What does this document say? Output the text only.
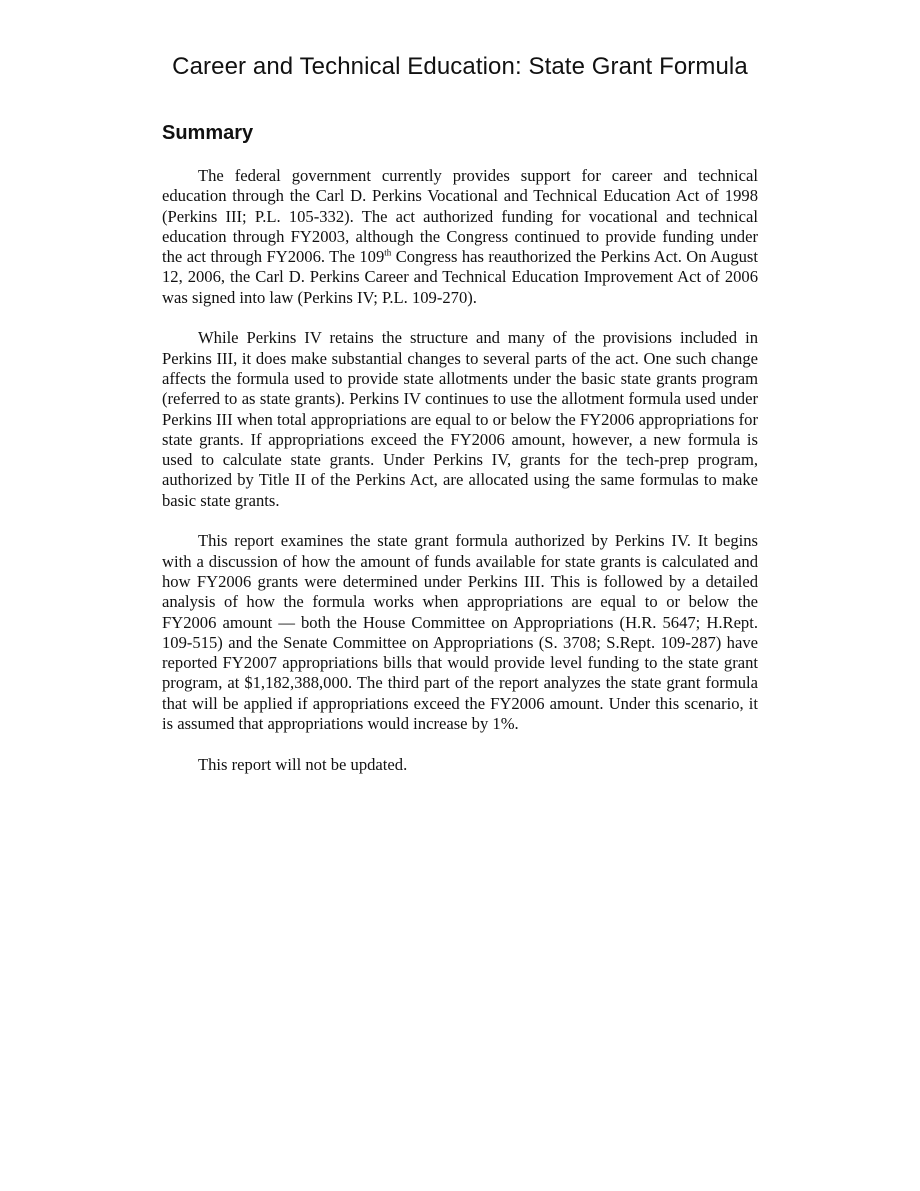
Career and Technical Education: State Grant Formula
Summary

The federal government currently provides support for career and technical education through the Carl D. Perkins Vocational and Technical Education Act of 1998 (Perkins III; P.L. 105-332). The act authorized funding for vocational and technical education through FY2003, although the Congress continued to provide funding under the act through FY2006. The 109th Congress has reauthorized the Perkins Act. On August 12, 2006, the Carl D. Perkins Career and Technical Education Improvement Act of 2006 was signed into law (Perkins IV; P.L. 109-270).

While Perkins IV retains the structure and many of the provisions included in Perkins III, it does make substantial changes to several parts of the act. One such change affects the formula used to provide state allotments under the basic state grants program (referred to as state grants). Perkins IV continues to use the allotment formula used under Perkins III when total appropriations are equal to or below the FY2006 appropriations for state grants. If appropriations exceed the FY2006 amount, however, a new formula is used to calculate state grants. Under Perkins IV, grants for the tech-prep program, authorized by Title II of the Perkins Act, are allocated using the same formulas to make basic state grants.

This report examines the state grant formula authorized by Perkins IV. It begins with a discussion of how the amount of funds available for state grants is calculated and how FY2006 grants were determined under Perkins III. This is followed by a detailed analysis of how the formula works when appropriations are equal to or below the FY2006 amount — both the House Committee on Appropriations (H.R. 5647; H.Rept. 109-515) and the Senate Committee on Appropriations (S. 3708; S.Rept. 109-287) have reported FY2007 appropriations bills that would provide level funding to the state grant program, at $1,182,388,000. The third part of the report analyzes the state grant formula that will be applied if appropriations exceed the FY2006 amount. Under this scenario, it is assumed that appropriations would increase by 1%.

This report will not be updated.
